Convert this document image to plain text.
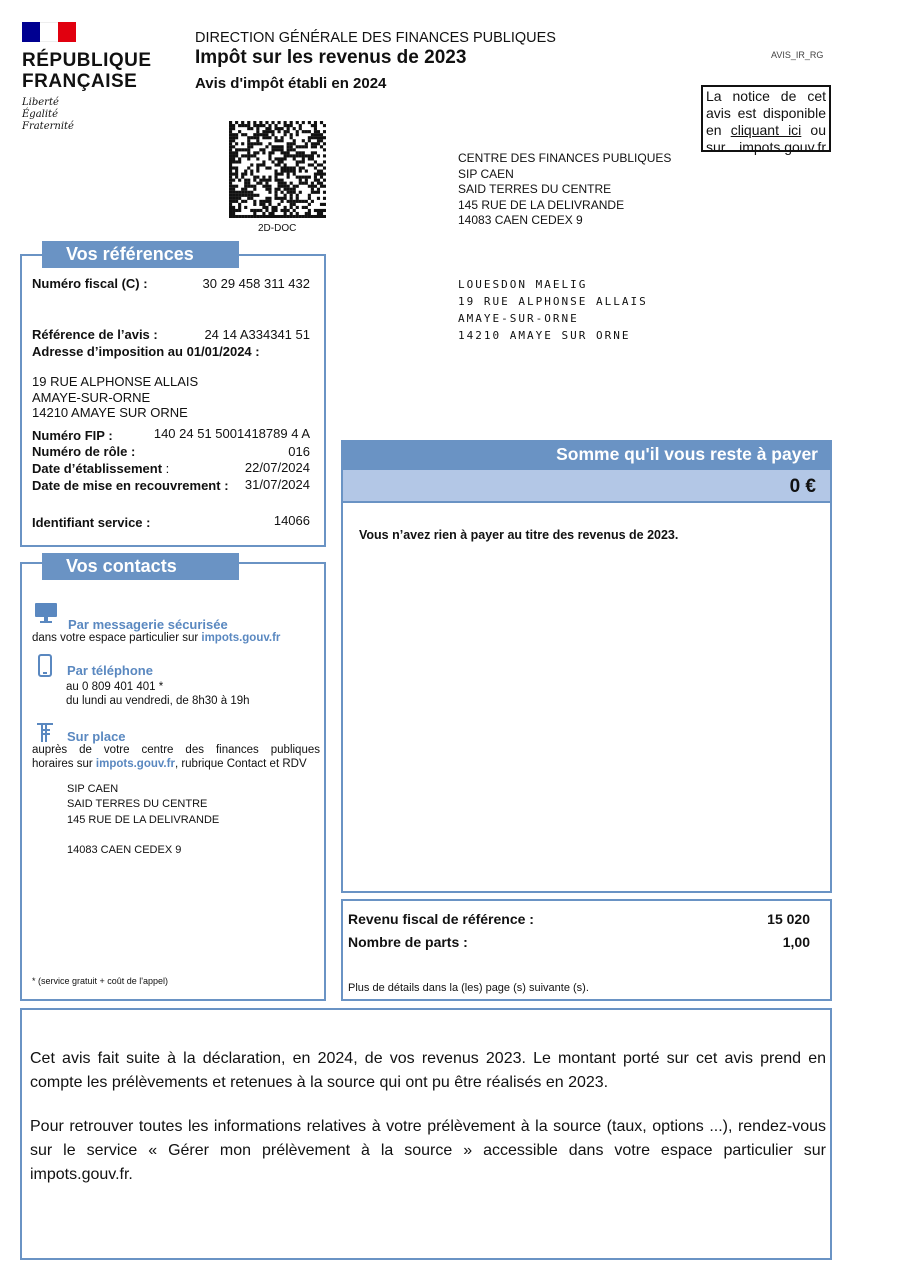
RÉPUBLIQUE
FRANÇAISE
Liberté
Égalité
Fraternité
DIRECTION GÉNÉRALE DES FINANCES PUBLIQUES
Impôt sur les revenus de 2023
Avis d'impôt établi en 2024
AVIS_IR_RG
La notice de cet
avis est disponible
en cliquant ici ou
sur impots.gouv.fr
2D-DOC
CENTRE DES FINANCES PUBLIQUES
SIP CAEN
SAID TERRES DU CENTRE
145 RUE DE LA DELIVRANDE
14083 CAEN CEDEX 9
LOUESDON MAELIG
19 RUE ALPHONSE ALLAIS
AMAYE-SUR-ORNE
14210 AMAYE SUR ORNE
Vos références
Numéro fiscal (C) :	30 29 458 311 432
Référence de l’avis :	24 14 A334341 51
Adresse d’imposition au 01/01/2024 :
19 RUE ALPHONSE ALLAIS
AMAYE-SUR-ORNE
14210 AMAYE SUR ORNE
Numéro FIP :	140 24 51 5001418789 4 A
Numéro de rôle :	016
Date d’établissement :	22/07/2024
Date de mise en recouvrement :	31/07/2024
Identifiant service :	14066
Vos contacts
Par messagerie sécurisée
dans votre espace particulier sur impots.gouv.fr
Par téléphone
au 0 809 401 401 *
du lundi au vendredi, de 8h30 à 19h
Sur place
auprès de votre centre des finances publiques
horaires sur impots.gouv.fr, rubrique Contact et RDV
SIP CAEN
SAID TERRES DU CENTRE
145 RUE DE LA DELIVRANDE
14083 CAEN CEDEX 9
* (service gratuit + coût de l'appel)
Somme qu'il vous reste à payer
0 €
Vous n’avez rien à payer au titre des revenus de 2023.
Revenu fiscal de référence :	15 020
Nombre de parts :	1,00
Plus de détails dans la (les) page (s) suivante (s).
Cet avis fait suite à la déclaration, en 2024, de vos revenus 2023. Le montant porté sur cet avis prend en compte les prélèvements et retenues à la source qui ont pu être réalisés en 2023.
Pour retrouver toutes les informations relatives à votre prélèvement à la source (taux, options ...), rendez-vous sur le service « Gérer mon prélèvement à la source » accessible dans votre espace particulier sur impots.gouv.fr.
